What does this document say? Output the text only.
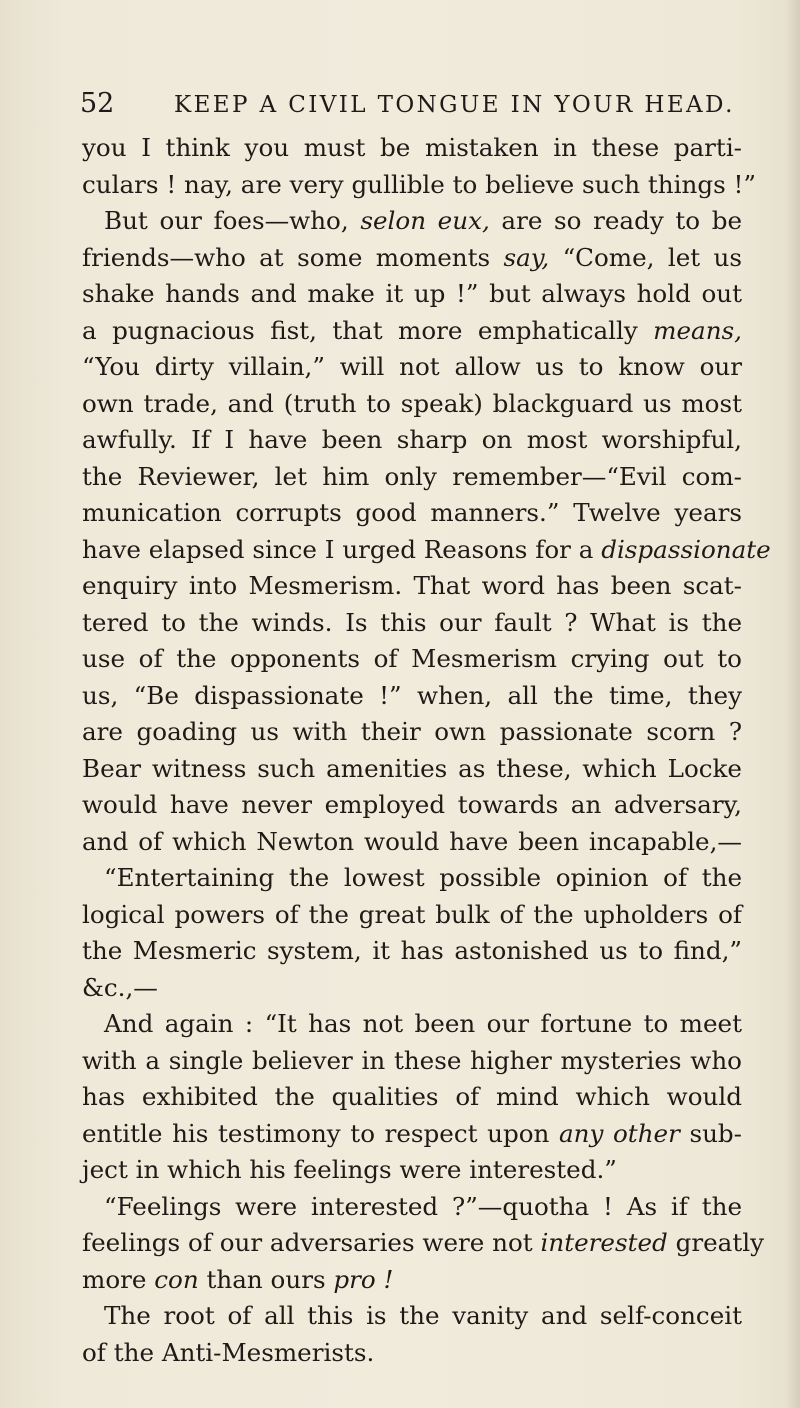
52	KEEP A CIVIL TONGUE IN YOUR HEAD.
you I think you must be mistaken in these parti-
culars ! nay, are very gullible to believe such things !”
But our foes—who, selon eux, are so ready to be
friends—who at some moments say, “Come, let us
shake hands and make it up !” but always hold out
a pugnacious fist, that more emphatically means,
“You dirty villain,” will not allow us to know our
own trade, and (truth to speak) blackguard us most
awfully. If I have been sharp on most worshipful,
the Reviewer, let him only remember—“Evil com-
munication corrupts good manners.” Twelve years
have elapsed since I urged Reasons for a dispassionate
enquiry into Mesmerism. That word has been scat-
tered to the winds. Is this our fault ? What is the
use of the opponents of Mesmerism crying out to
us, “Be dispassionate !” when, all the time, they
are goading us with their own passionate scorn ?
Bear witness such amenities as these, which Locke
would have never employed towards an adversary,
and of which Newton would have been incapable,—
“Entertaining the lowest possible opinion of the
logical powers of the great bulk of the upholders of
the Mesmeric system, it has astonished us to find,”
&c.,—
And again : “It has not been our fortune to meet
with a single believer in these higher mysteries who
has exhibited the qualities of mind which would
entitle his testimony to respect upon any other sub-
ject in which his feelings were interested.”
“Feelings were interested ?”—quotha ! As if the
feelings of our adversaries were not interested greatly
more con than ours pro !
The root of all this is the vanity and self-conceit
of the Anti-Mesmerists.
